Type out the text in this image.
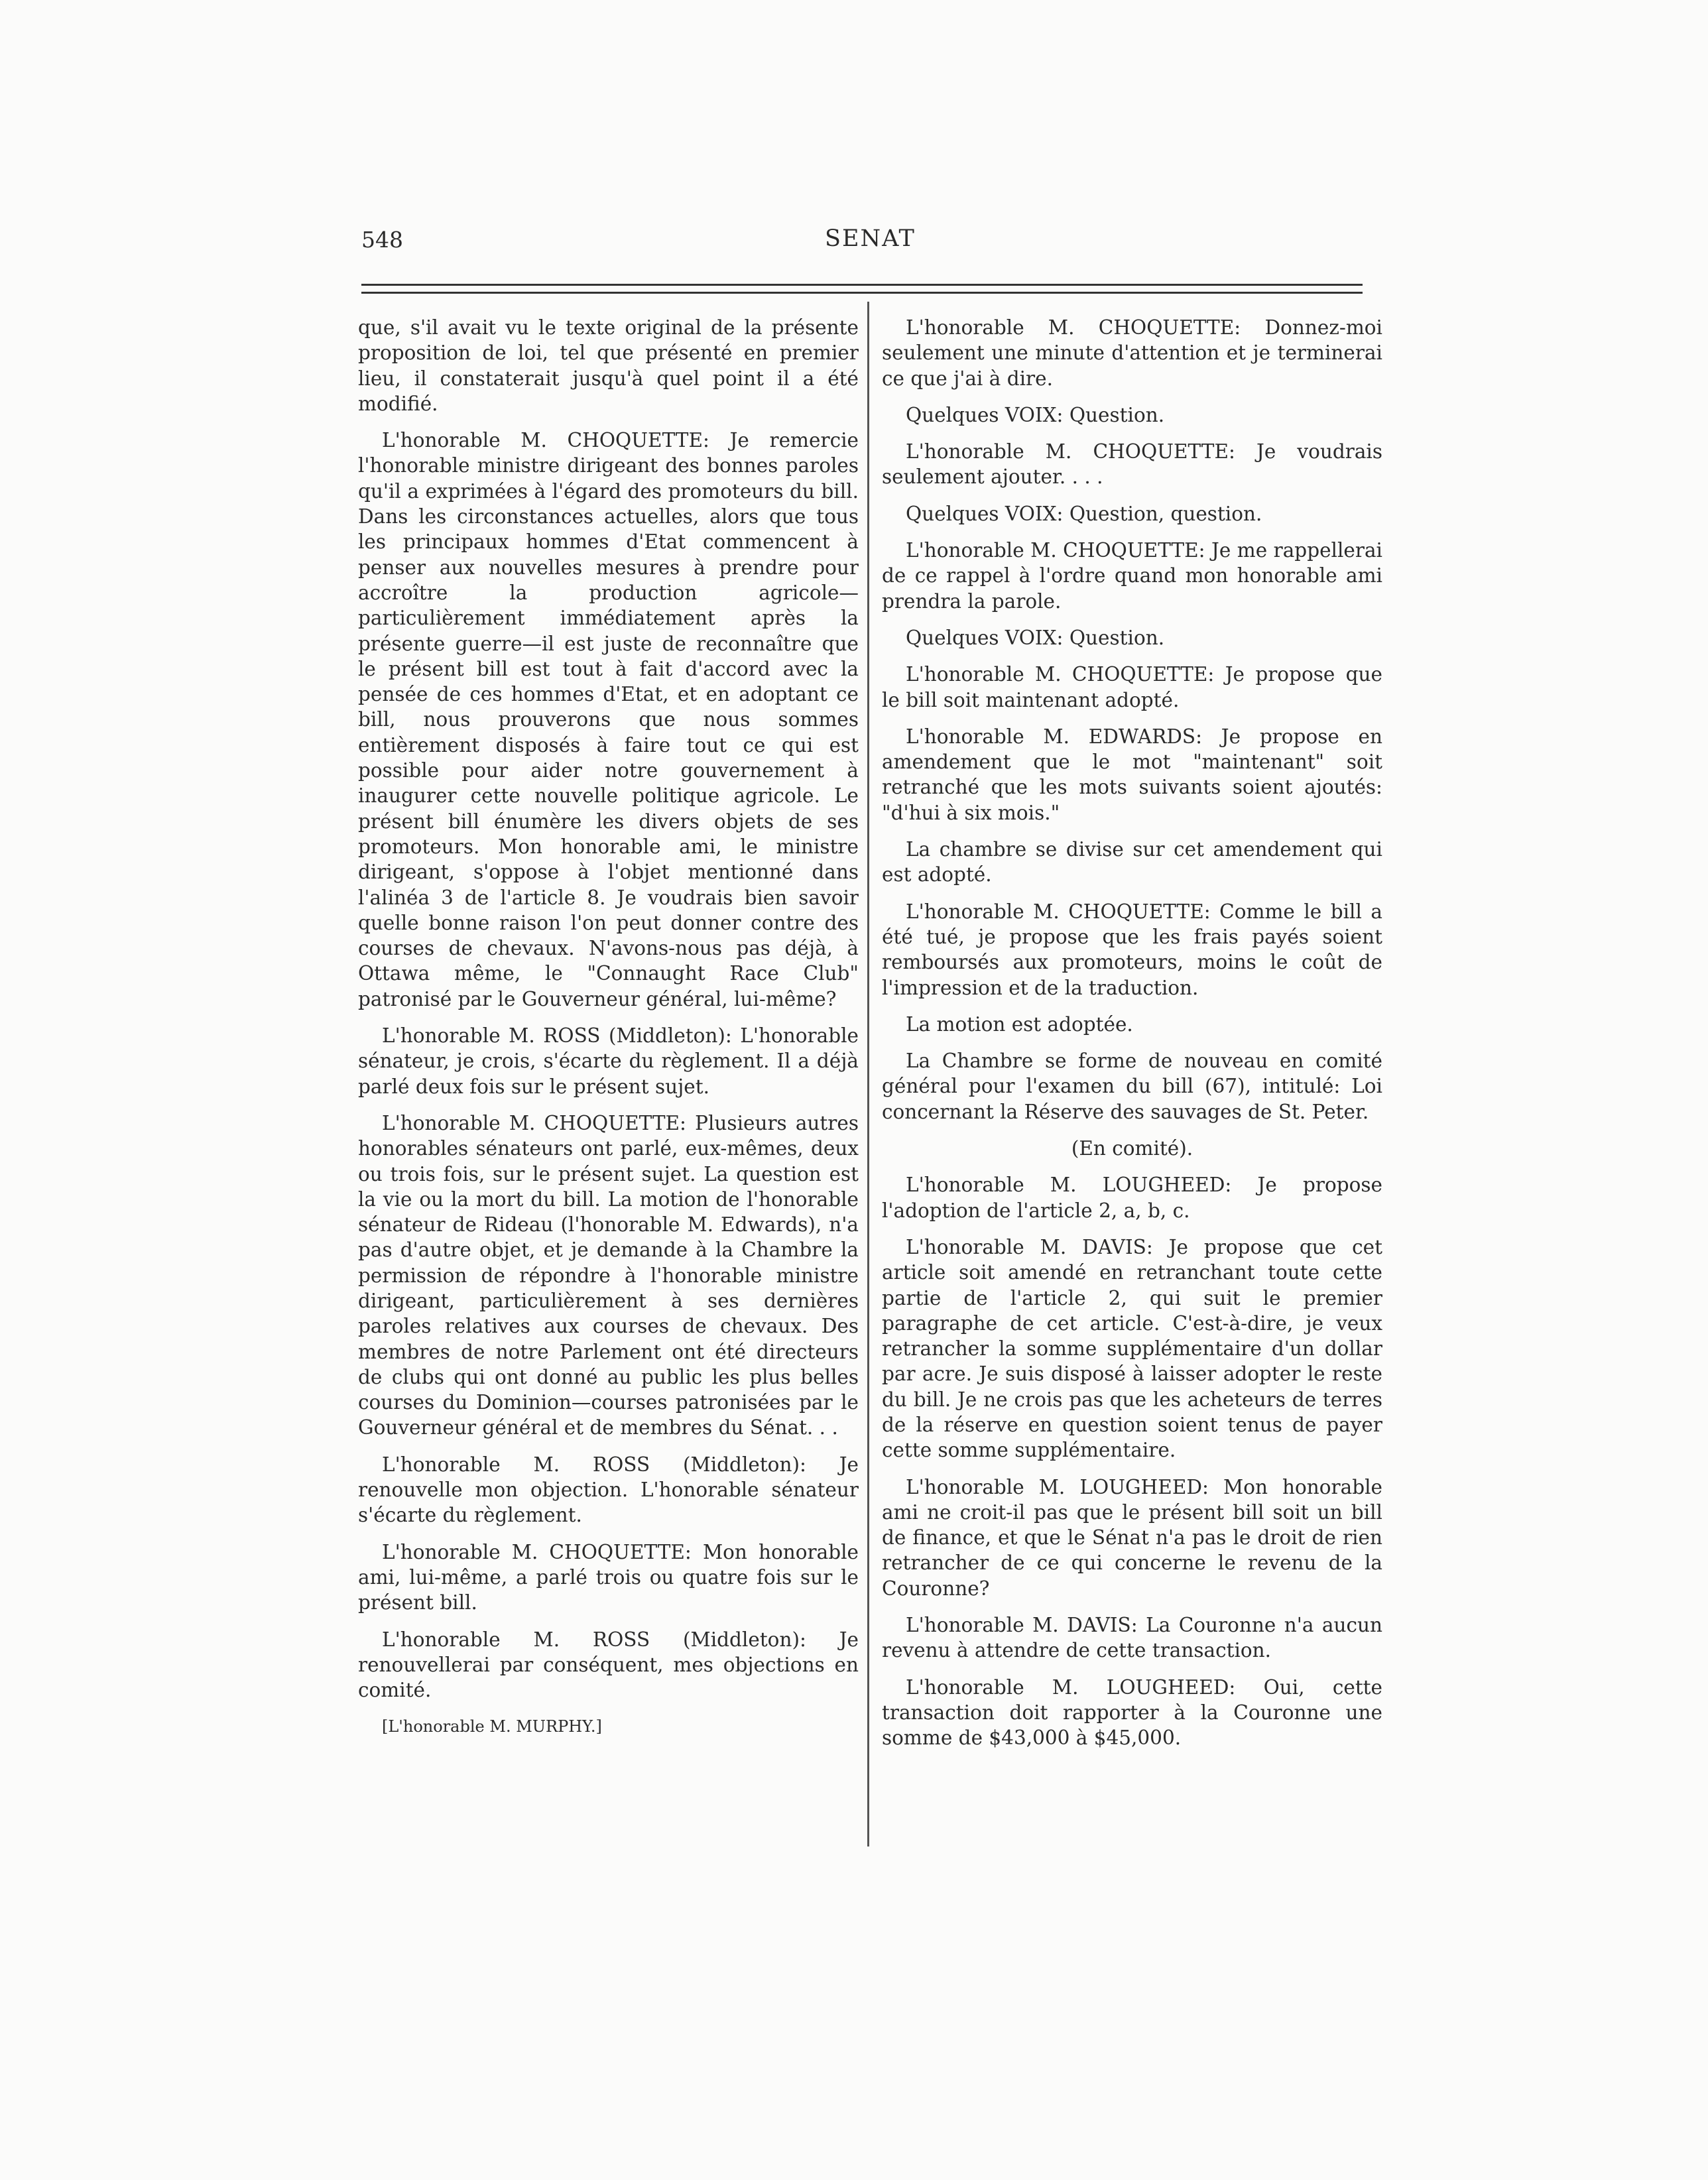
548	SENAT

que, s'il avait vu le texte original de la présente proposition de loi, tel que présenté en premier lieu, il constaterait jusqu'à quel point il a été modifié.

L'honorable M. CHOQUETTE: Je remercie l'honorable ministre dirigeant des bonnes paroles qu'il a exprimées à l'égard des promoteurs du bill. Dans les circonstances actuelles, alors que tous les principaux hommes d'Etat commencent à penser aux nouvelles mesures à prendre pour accroître la production agricole—particulièrement immédiatement après la présente guerre—il est juste de reconnaître que le présent bill est tout à fait d'accord avec la pensée de ces hommes d'Etat, et en adoptant ce bill, nous prouverons que nous sommes entièrement disposés à faire tout ce qui est possible pour aider notre gouvernement à inaugurer cette nouvelle politique agricole. Le présent bill énumère les divers objets de ses promoteurs. Mon honorable ami, le ministre dirigeant, s'oppose à l'objet mentionné dans l'alinéa 3 de l'article 8. Je voudrais bien savoir quelle bonne raison l'on peut donner contre des courses de chevaux. N'avons-nous pas déjà, à Ottawa même, le "Connaught Race Club" patronisé par le Gouverneur général, lui-même?

L'honorable M. ROSS (Middleton): L'honorable sénateur, je crois, s'écarte du règlement. Il a déjà parlé deux fois sur le présent sujet.

L'honorable M. CHOQUETTE: Plusieurs autres honorables sénateurs ont parlé, eux-mêmes, deux ou trois fois, sur le présent sujet. La question est la vie ou la mort du bill. La motion de l'honorable sénateur de Rideau (l'honorable M. Edwards), n'a pas d'autre objet, et je demande à la Chambre la permission de répondre à l'honorable ministre dirigeant, particulièrement à ses dernières paroles relatives aux courses de chevaux. Des membres de notre Parlement ont été directeurs de clubs qui ont donné au public les plus belles courses du Dominion—courses patronisées par le Gouverneur général et de membres du Sénat. . .

L'honorable M. ROSS (Middleton): Je renouvelle mon objection. L'honorable sénateur s'écarte du règlement.

L'honorable M. CHOQUETTE: Mon honorable ami, lui-même, a parlé trois ou quatre fois sur le présent bill.

L'honorable M. ROSS (Middleton): Je renouvellerai par conséquent, mes objections en comité.

[L'honorable M. MURPHY.]

L'honorable M. CHOQUETTE: Donnez-moi seulement une minute d'attention et je terminerai ce que j'ai à dire.

Quelques VOIX: Question.

L'honorable M. CHOQUETTE: Je voudrais seulement ajouter. . . .

Quelques VOIX: Question, question.

L'honorable M. CHOQUETTE: Je me rappellerai de ce rappel à l'ordre quand mon honorable ami prendra la parole.

Quelques VOIX: Question.

L'honorable M. CHOQUETTE: Je propose que le bill soit maintenant adopté.

L'honorable M. EDWARDS: Je propose en amendement que le mot "maintenant" soit retranché que les mots suivants soient ajoutés: "d'hui à six mois."

La chambre se divise sur cet amendement qui est adopté.

L'honorable M. CHOQUETTE: Comme le bill a été tué, je propose que les frais payés soient remboursés aux promoteurs, moins le coût de l'impression et de la traduction.

La motion est adoptée.

La Chambre se forme de nouveau en comité général pour l'examen du bill (67), intitulé: Loi concernant la Réserve des sauvages de St. Peter.

(En comité).

L'honorable M. LOUGHEED: Je propose l'adoption de l'article 2, a, b, c.

L'honorable M. DAVIS: Je propose que cet article soit amendé en retranchant toute cette partie de l'article 2, qui suit le premier paragraphe de cet article. C'est-à-dire, je veux retrancher la somme supplémentaire d'un dollar par acre. Je suis disposé à laisser adopter le reste du bill. Je ne crois pas que les acheteurs de terres de la réserve en question soient tenus de payer cette somme supplémentaire.

L'honorable M. LOUGHEED: Mon honorable ami ne croit-il pas que le présent bill soit un bill de finance, et que le Sénat n'a pas le droit de rien retrancher de ce qui concerne le revenu de la Couronne?

L'honorable M. DAVIS: La Couronne n'a aucun revenu à attendre de cette transaction.

L'honorable M. LOUGHEED: Oui, cette transaction doit rapporter à la Couronne une somme de $43,000 à $45,000.
